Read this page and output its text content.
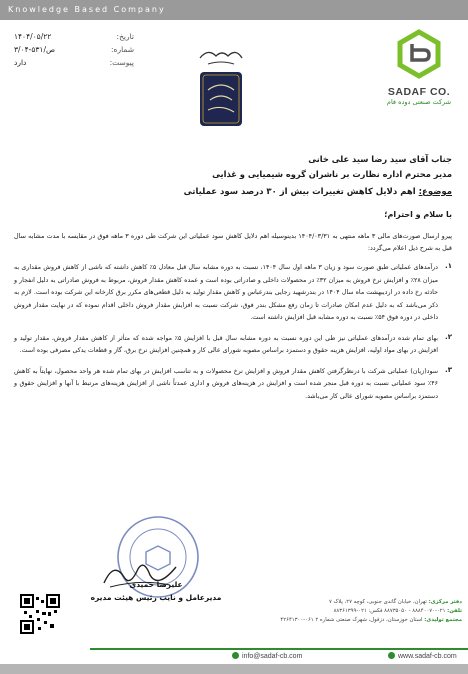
Knowledge Based Company
تاریخ:
۱۴۰۴/۰۵/۲۲
شماره:
ص/۵۳۱-۳/۰۴
پیوست:
دارد
SADAF CO.
شرکت صنعتی دوده فام
جناب آقای سید رضا سید علی خانی
مدیر محترم اداره نظارت بر ناشران گروه شیمیایی و غذایی
موضوع: اهم دلایل کاهش تغییرات بیش از ۳۰ درصد سود عملیاتی
با سلام و احترام؛
پیرو ارسال صورت‌های مالی ۳ ماهه منتهی به ۱۴۰۴/۰۳/۳۱ بدینوسیله اهم دلایل کاهش سود عملیاتی این شرکت طی دوره ۳ ماهه فوق در مقایسه با مدت مشابه سال قبل به شرح ذیل اعلام می‌گردد:
۱.
درآمدهای عملیاتی طبق صورت سود و زیان ۳ ماهه اول سال ۱۴۰۴، نسبت به دوره مشابه سال قبل معادل ۵٪ کاهش داشته که ناشی از کاهش فروش مقداری به میزان ۲۸٪ و افزایش نرخ فروش به میزان ۳۲٪ در محصولات داخلی و صادراتی بوده است و عمده کاهش مقدار فروش، مربوط به فروش صادراتی به دلیل انفجار و حادثه رخ داده در اردیبهشت ماه سال ۱۴۰۴ در بندرشهید رجایی بندرعباس و کاهش مقدار تولید به دلیل قطعی‌های مکرر برق کارخانه این شرکت بوده است. لازم به ذکر می‌باشد که به دلیل عدم امکان صادرات تا زمان رفع مشکل بندر فوق، شرکت نسبت به افزایش مقدار فروش داخلی اقدام نموده که در نهایت مقدار فروش داخلی در دوره فوق ۵۴٪ نسبت به دوره مشابه قبل افزایش داشته است.
۲.
بهای تمام شده درآمدهای عملیاتی نیز طی این دوره نسبت به دوره مشابه سال قبل با افزایش ۵٪ مواجه شده که متأثر از کاهش مقدار فروش، مقدار تولید و افزایش در بهای مواد اولیه، افزایش هزینه حقوق و دستمزد براساس مصوبه شورای عالی کار و همچنین افزایش نرخ برق، گاز و قطعات یدکی مصرفی بوده است.
۳.
سود(زیان) عملیاتی شرکت با درنظرگرفتن کاهش مقدار فروش و افزایش نرخ محصولات و به تناسب افزایش در بهای تمام شده هر واحد محصول، نهایتاً به کاهش ۴۶٪ سود عملیاتی نسبت به دوره قبل منجر شده است و افزایش در هزینه‌های فروش و اداری عمدتاً ناشی از افزایش هزینه‌های مرتبط با آنها و افزایش حقوق و دستمزد براساس مصوبه شورای عالی کار می‌باشد.
علیرضا حمیدی
مدیرعامل و نایب رئیس هیئت مدیره	دفتر مرکزی: تهران، خیابان گاندی جنوبی، کوچه ۲۷، پلاک ۷
تلفن: ۰۲۱-۸۸۸۴۰۰۷۰ - ۸۸۷۳۵۰۵۰ فکس: ۰۲۱-۸۸۳۶۱۳۹۹
مجتمع تولیدی: استان خوزستان، دزفول، شهرک صنعتی شماره ۲ ۰۶۱-۴۲۶۴۱۳۰۰
info@sadaf-cb.com	www.sadaf-cb.com
